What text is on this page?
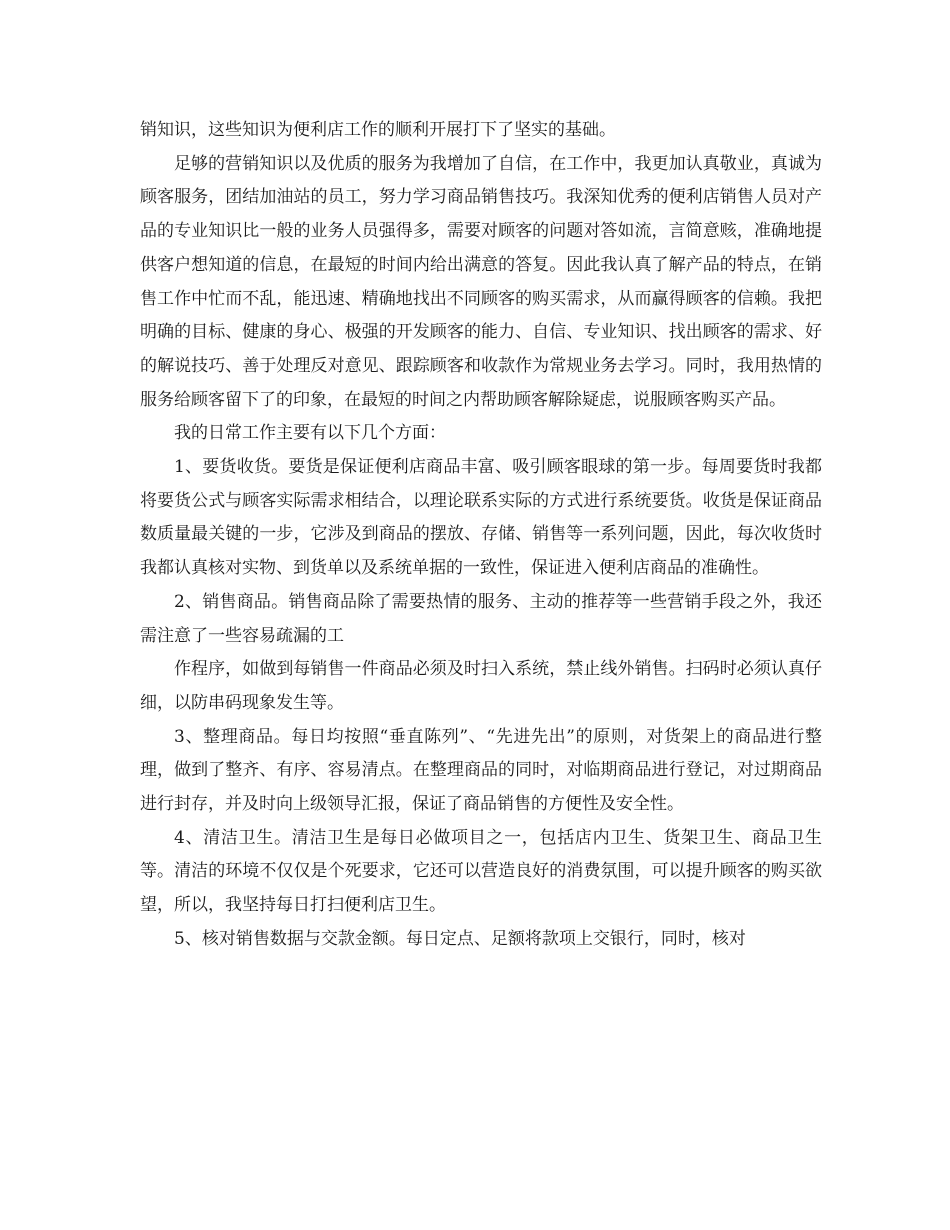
销知识，这些知识为便利店工作的顺利开展打下了坚实的基础。

足够的营销知识以及优质的服务为我增加了自信，在工作中，我更加认真敬业，真诚为顾客服务，团结加油站的员工，努力学习商品销售技巧。我深知优秀的便利店销售人员对产品的专业知识比一般的业务人员强得多，需要对顾客的问题对答如流，言简意赅，准确地提供客户想知道的信息，在最短的时间内给出满意的答复。因此我认真了解产品的特点，在销售工作中忙而不乱，能迅速、精确地找出不同顾客的购买需求，从而赢得顾客的信赖。我把明确的目标、健康的身心、极强的开发顾客的能力、自信、专业知识、找出顾客的需求、好的解说技巧、善于处理反对意见、跟踪顾客和收款作为常规业务去学习。同时，我用热情的服务给顾客留下了的印象，在最短的时间之内帮助顾客解除疑虑，说服顾客购买产品。

我的日常工作主要有以下几个方面：

1、要货收货。要货是保证便利店商品丰富、吸引顾客眼球的第一步。每周要货时我都将要货公式与顾客实际需求相结合，以理论联系实际的方式进行系统要货。收货是保证商品数质量最关键的一步，它涉及到商品的摆放、存储、销售等一系列问题，因此，每次收货时我都认真核对实物、到货单以及系统单据的一致性，保证进入便利店商品的准确性。

2、销售商品。销售商品除了需要热情的服务、主动的推荐等一些营销手段之外，我还需注意了一些容易疏漏的工

作程序，如做到每销售一件商品必须及时扫入系统，禁止线外销售。扫码时必须认真仔细，以防串码现象发生等。

3、整理商品。每日均按照“垂直陈列”、“先进先出”的原则，对货架上的商品进行整理，做到了整齐、有序、容易清点。在整理商品的同时，对临期商品进行登记，对过期商品进行封存，并及时向上级领导汇报，保证了商品销售的方便性及安全性。

4、清洁卫生。清洁卫生是每日必做项目之一，包括店内卫生、货架卫生、商品卫生等。清洁的环境不仅仅是个死要求，它还可以营造良好的消费氛围，可以提升顾客的购买欲望，所以，我坚持每日打扫便利店卫生。

5、核对销售数据与交款金额。每日定点、足额将款项上交银行，同时，核对
